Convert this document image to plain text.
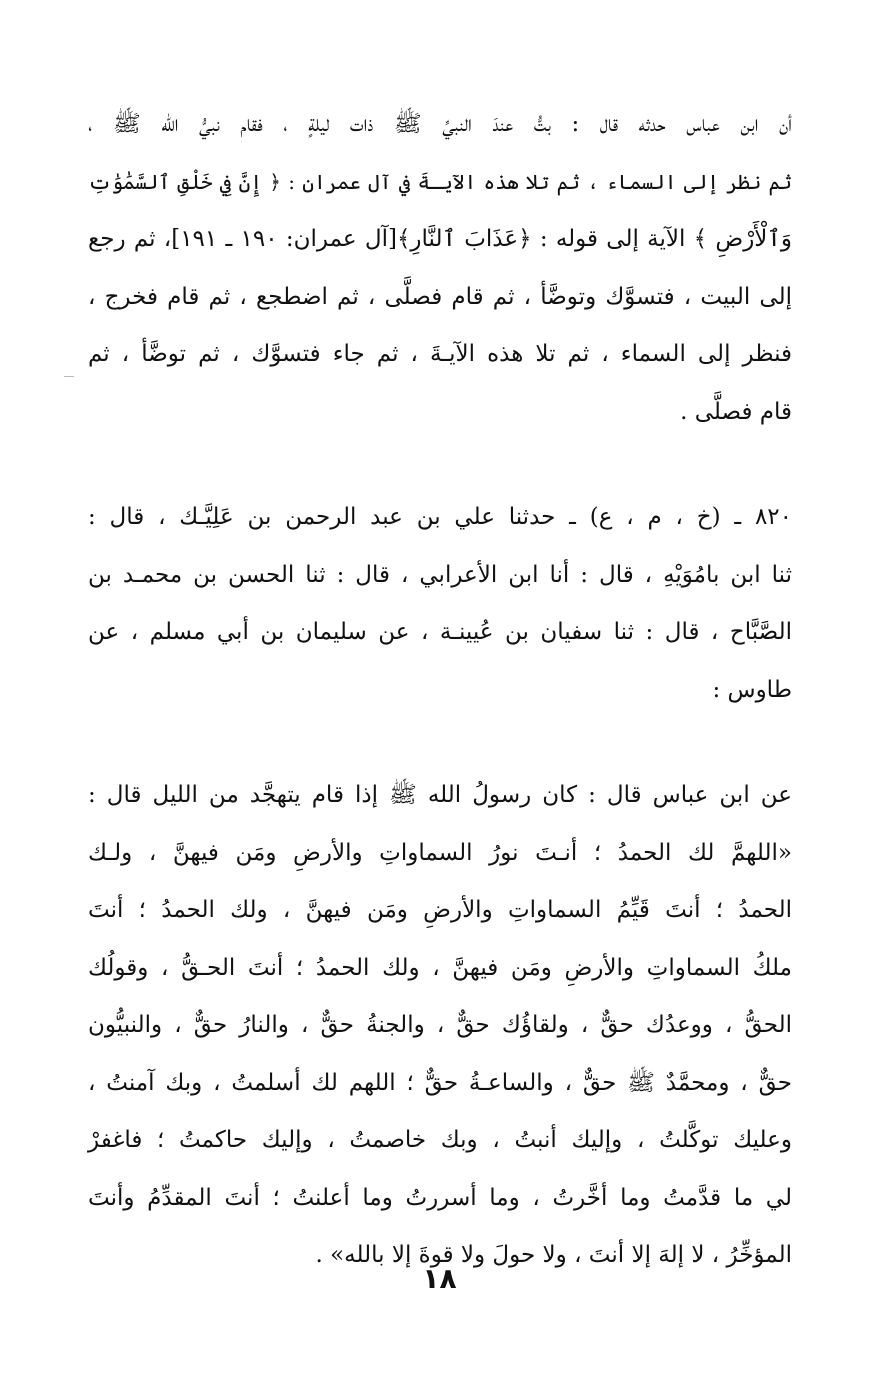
أن ابن عباس حدثه قال : بتُّ عندَ النبيِّ ﷺ ذات ليلةٍ ، فقام نبيُّ الله ﷺ ،
ثم نظر إلى السماء ، ثم تلا هذه الآيـةَ في آل عمران : ﴿ إِنَّ فِي خَلْقِ ٱلسَّمَٰوَٰتِ
وَٱلْأَرْضِ ﴾ الآية إلى قوله : ﴿عَذَابَ ٱلنَّارِ﴾[آل عمران: ١٩٠ ـ ١٩١]، ثم رجع
إلى البيت ، فتسوَّك وتوضَّأ ، ثم قام فصلَّى ، ثم اضطجع ، ثم قام فخرج ،
فنظر إلى السماء ، ثم تلا هذه الآيـةَ ، ثم جاء فتسوَّك ، ثم توضَّأ ، ثم
قام فصلَّى .
٨٢٠ ـ (خ ، م ، ع) ـ حدثنا علي بن عبد الرحمن بن عَلِيَّـك ، قال :
ثنا ابن بامُوَيْهِ ، قال : أنا ابن الأعرابي ، قال : ثنا الحسن بن محمـد بن
الصَّبَّاح ، قال : ثنا سفيان بن عُيينـة ، عن سليمان بن أبي مسلم ، عن
طاوس :
عن ابن عباس قال : كان رسولُ الله ﷺ إذا قام يتهجَّد من الليل قال :
«اللهمَّ لك الحمدُ ؛ أنـتَ نورُ السماواتِ والأرضِ ومَن فيهنَّ ، ولـك
الحمدُ ؛ أنتَ قَيِّمُ السماواتِ والأرضِ ومَن فيهنَّ ، ولك الحمدُ ؛ أنتَ
ملكُ السماواتِ والأرضِ ومَن فيهنَّ ، ولك الحمدُ ؛ أنتَ الحـقُّ ، وقولُك
الحقُّ ، ووعدُك حقٌّ ، ولقاؤُك حقٌّ ، والجنةُ حقٌّ ، والنارُ حقٌّ ، والنبيُّون
حقٌّ ، ومحمَّدٌ ﷺ حقٌّ ، والساعـةُ حقٌّ ؛ اللهم لك أسلمتُ ، وبك آمنتُ ،
وعليك توكَّلتُ ، وإليك أنبتُ ، وبك خاصمتُ ، وإليك حاكمتُ ؛ فاغفرْ
لي ما قدَّمتُ وما أخَّرتُ ، وما أسررتُ وما أعلنتُ ؛ أنتَ المقدِّمُ وأنتَ
المؤخِّرُ ، لا إلهَ إلا أنتَ ، ولا حولَ ولا قوةَ إلا بالله» .
١٨
